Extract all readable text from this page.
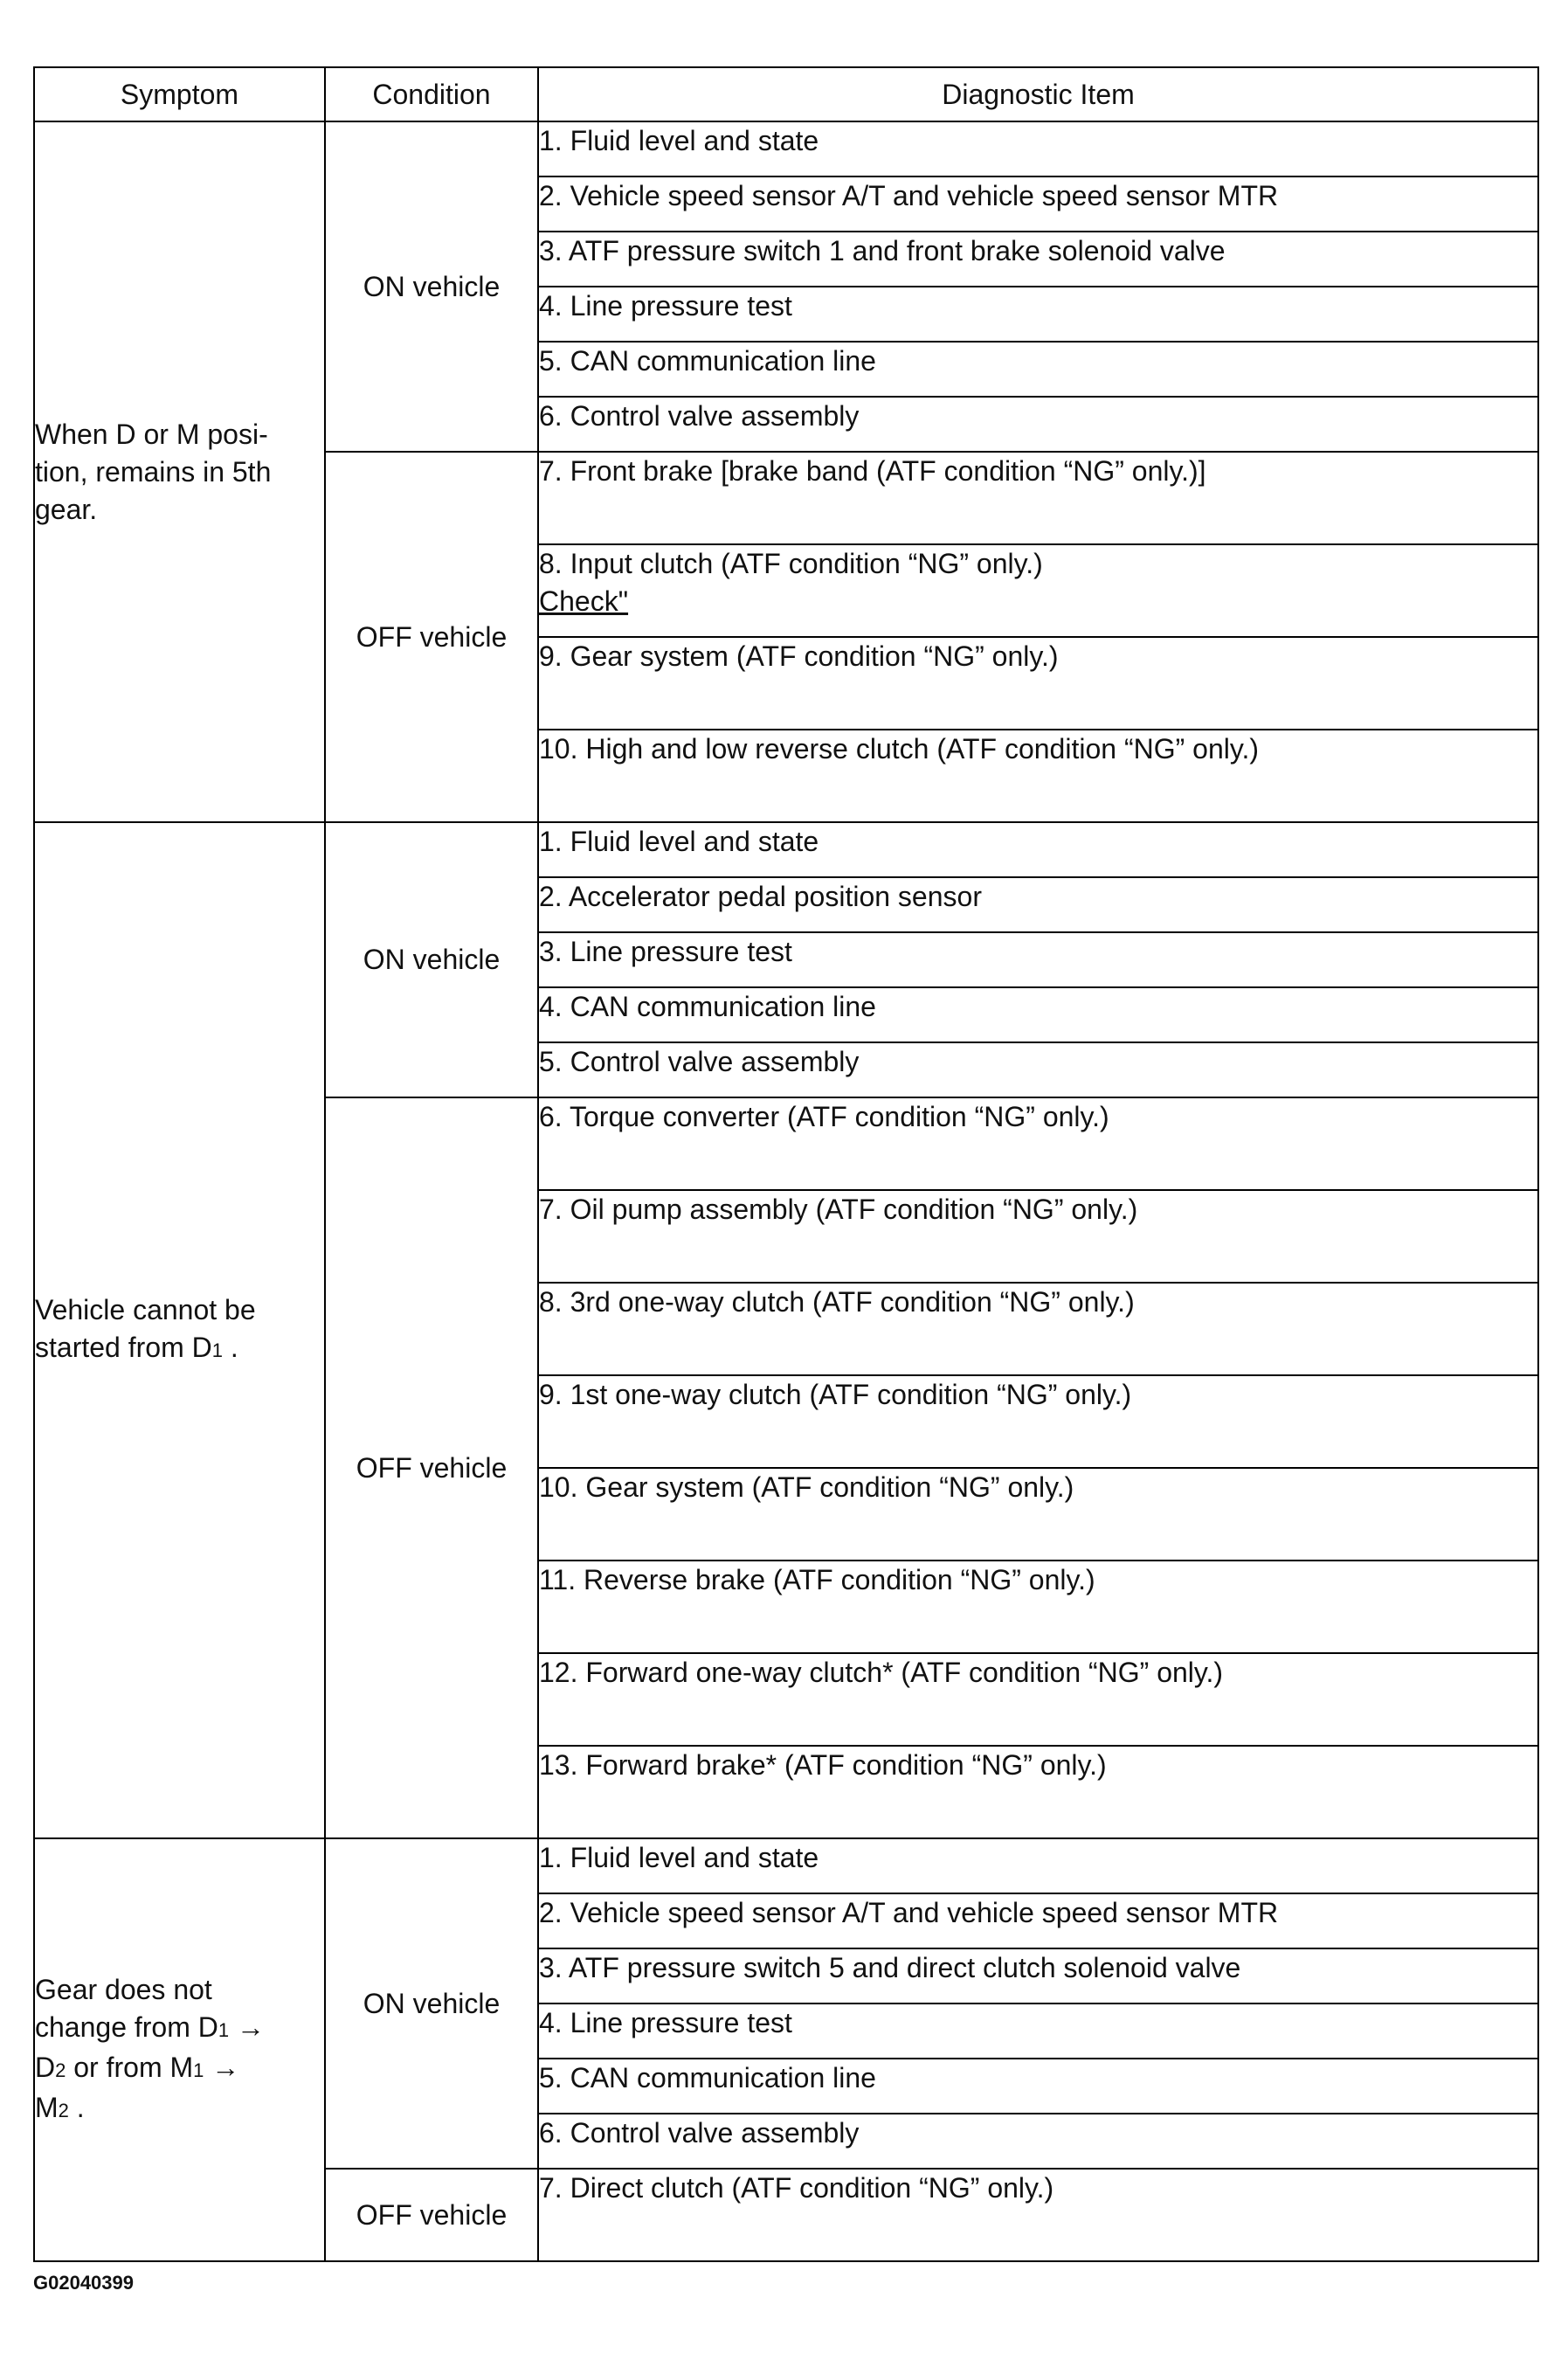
Symptom	Condition	Diagnostic Item
When D or M posi-
tion, remains in 5th
gear.	ON vehicle	1. Fluid level and state
		2. Vehicle speed sensor A/T and vehicle speed sensor MTR
		3. ATF pressure switch 1 and front brake solenoid valve
		4. Line pressure test
		5. CAN communication line
		6. Control valve assembly
	OFF vehicle	7. Front brake [brake band (ATF condition “NG” only.)]
		8. Input clutch (ATF condition “NG” only.)
Check"

		9. Gear system (ATF condition “NG” only.)
		10. High and low reverse clutch (ATF condition “NG” only.)
Vehicle cannot be
started from D1 .	ON vehicle	1. Fluid level and state
		2. Accelerator pedal position sensor
		3. Line pressure test
		4. CAN communication line
		5. Control valve assembly
	OFF vehicle	6. Torque converter (ATF condition “NG” only.)
		7. Oil pump assembly (ATF condition “NG” only.)
		8. 3rd one-way clutch (ATF condition “NG” only.)
		9. 1st one-way clutch (ATF condition “NG” only.)
		10. Gear system (ATF condition “NG” only.)
		11. Reverse brake (ATF condition “NG” only.)
		12. Forward one-way clutch* (ATF condition “NG” only.)
		13. Forward brake* (ATF condition “NG” only.)
Gear does not
change from D1 →
D2 or from M1 →
M2 .	ON vehicle	1. Fluid level and state
		2. Vehicle speed sensor A/T and vehicle speed sensor MTR
		3. ATF pressure switch 5 and direct clutch solenoid valve
		4. Line pressure test
		5. CAN communication line
		6. Control valve assembly
	OFF vehicle	7. Direct clutch (ATF condition “NG” only.)
G02040399
